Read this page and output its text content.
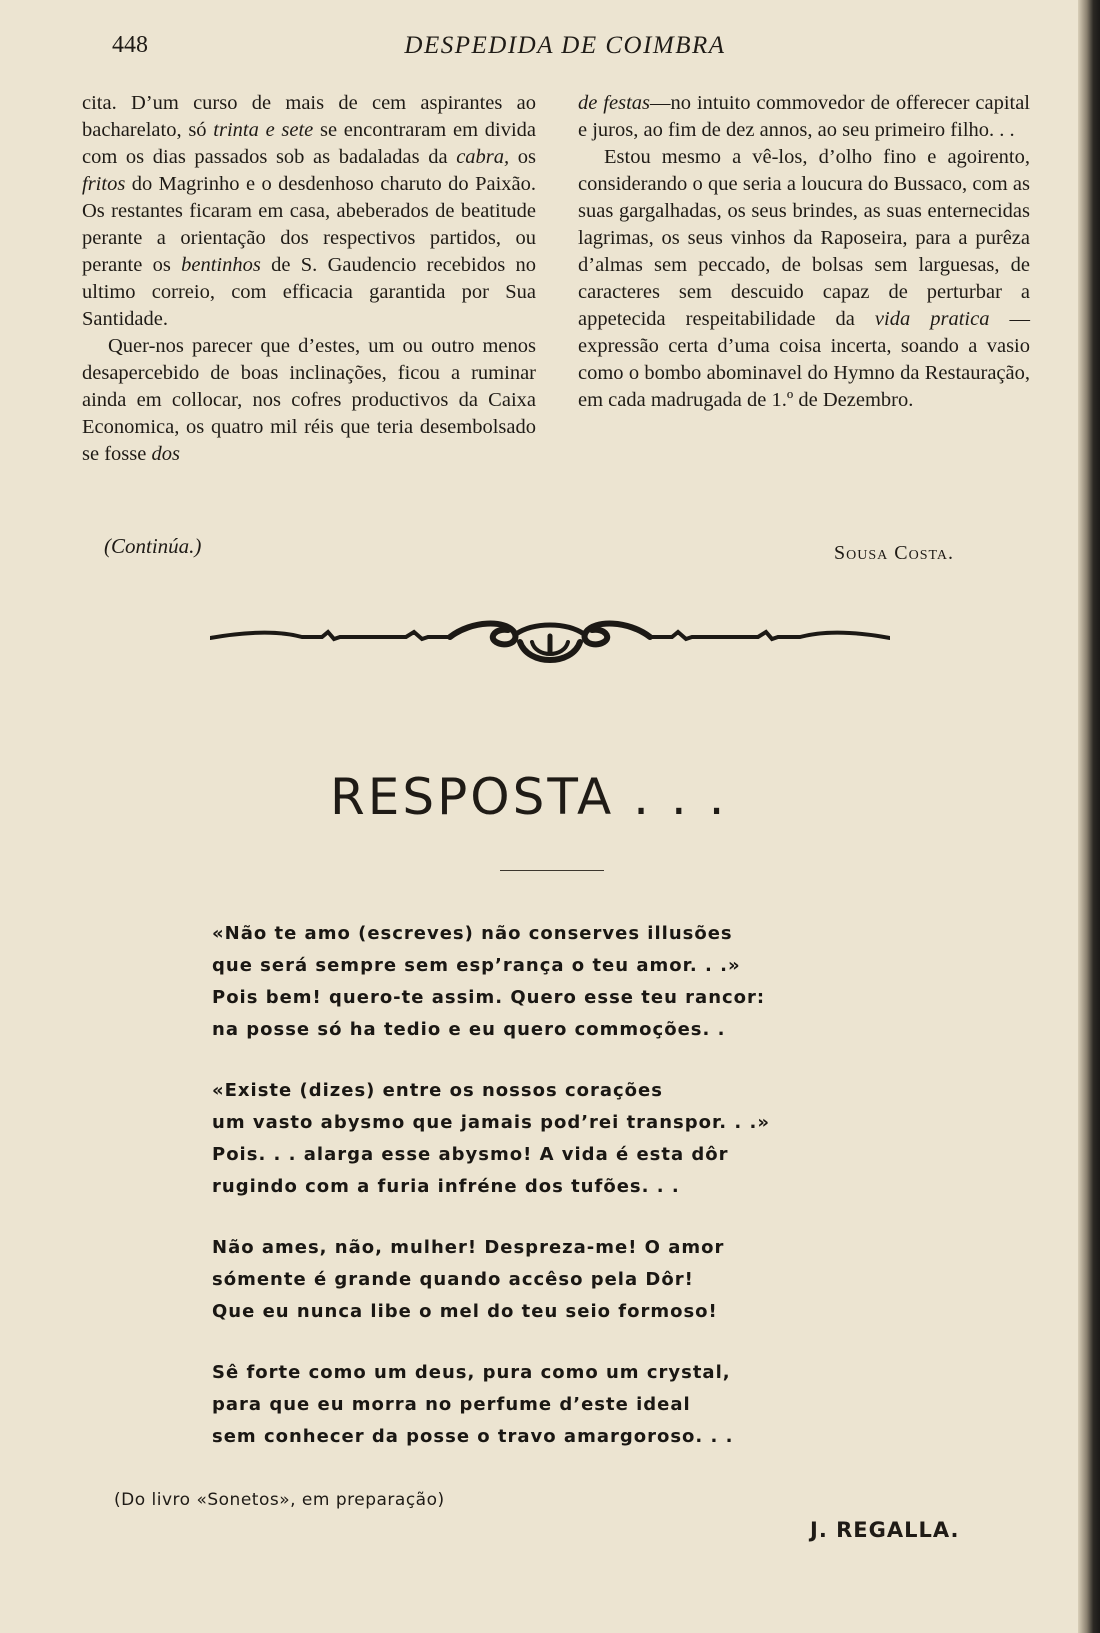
448	DESPEDIDA DE COIMBRA

cita. D’um curso de mais de cem aspirantes ao bacharelato, só trinta e sete se encontraram em divida com os dias passados sob as badaladas da cabra, os fritos do Magrinho e o desdenhoso charuto do Paixão. Os restantes ficaram em casa, abeberados de beatitude perante a orientação dos respectivos partidos, ou perante os bentinhos de S. Gaudencio recebidos no ultimo correio, com efficacia garantida por Sua Santidade.

Quer-nos parecer que d’estes, um ou outro menos desapercebido de boas inclinações, ficou a ruminar ainda em collocar, nos cofres productivos da Caixa Economica, os quatro mil réis que teria desembolsado se fosse dos

de festas—no intuito commovedor de offerecer capital e juros, ao fim de dez annos, ao seu primeiro filho. . .

Estou mesmo a vê-los, d’olho fino e agoirento, considerando o que seria a loucura do Bussaco, com as suas gargalhadas, os seus brindes, as suas enternecidas lagrimas, os seus vinhos da Raposeira, para a purêza d’almas sem peccado, de bolsas sem larguesas, de caracteres sem descuido capaz de perturbar a appetecida respeitabilidade da vida pratica — expressão certa d’uma coisa incerta, soando a vasio como o bombo abominavel do Hymno da Restauração, em cada madrugada de 1.º de Dezembro.

(Continúa.)	Sousa Costa.
RESPOSTA . . .
«Não te amo (escreves) não conserves illusões
que será sempre sem esp’rança o teu amor. . .»
Pois bem! quero-te assim. Quero esse teu rancor:
na posse só ha tedio e eu quero commoções. .
«Existe (dizes) entre os nossos corações
um vasto abysmo que jamais pod’rei transpor. . .»
Pois. . . alarga esse abysmo! A vida é esta dôr
rugindo com a furia infréne dos tufões. . .
Não ames, não, mulher! Despreza-me! O amor
sómente é grande quando accêso pela Dôr!
Que eu nunca libe o mel do teu seio formoso!
Sê forte como um deus, pura como um crystal,
para que eu morra no perfume d’este ideal
sem conhecer da posse o travo amargoroso. . .
(Do livro «Sonetos», em preparação)
J. REGALLA.
